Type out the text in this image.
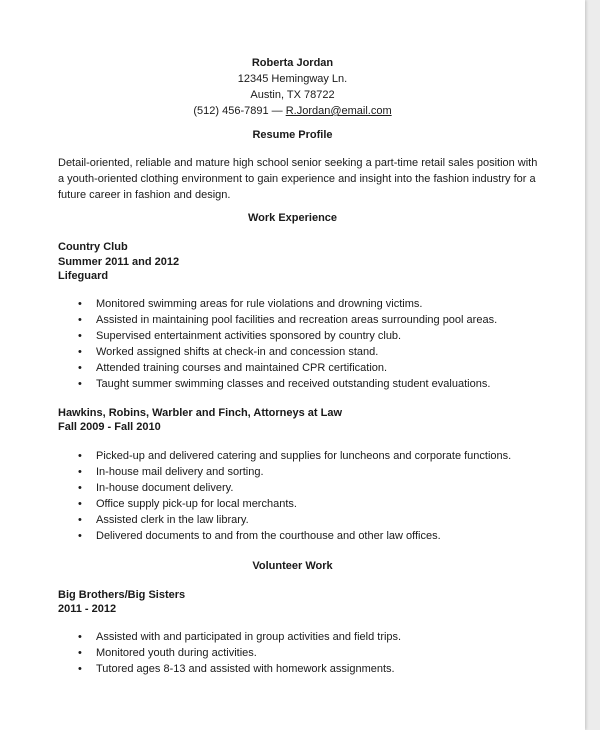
Roberta Jordan
12345 Hemingway Ln.
Austin, TX 78722
(512) 456-7891 — R.Jordan@email.com
Resume Profile
Detail-oriented, reliable and mature high school senior seeking a part-time retail sales position with a youth-oriented clothing environment to gain experience and insight into the fashion industry for a future career in fashion and design.
Work Experience
Country Club
Summer 2011 and 2012
Lifeguard
• Monitored swimming areas for rule violations and drowning victims.
• Assisted in maintaining pool facilities and recreation areas surrounding pool areas.
• Supervised entertainment activities sponsored by country club.
• Worked assigned shifts at check-in and concession stand.
• Attended training courses and maintained CPR certification.
• Taught summer swimming classes and received outstanding student evaluations.
Hawkins, Robins, Warbler and Finch, Attorneys at Law
Fall 2009 - Fall 2010
• Picked-up and delivered catering and supplies for luncheons and corporate functions.
• In-house mail delivery and sorting.
• In-house document delivery.
• Office supply pick-up for local merchants.
• Assisted clerk in the law library.
• Delivered documents to and from the courthouse and other law offices.
Volunteer Work
Big Brothers/Big Sisters
2011 - 2012
• Assisted with and participated in group activities and field trips.
• Monitored youth during activities.
• Tutored ages 8-13 and assisted with homework assignments.
